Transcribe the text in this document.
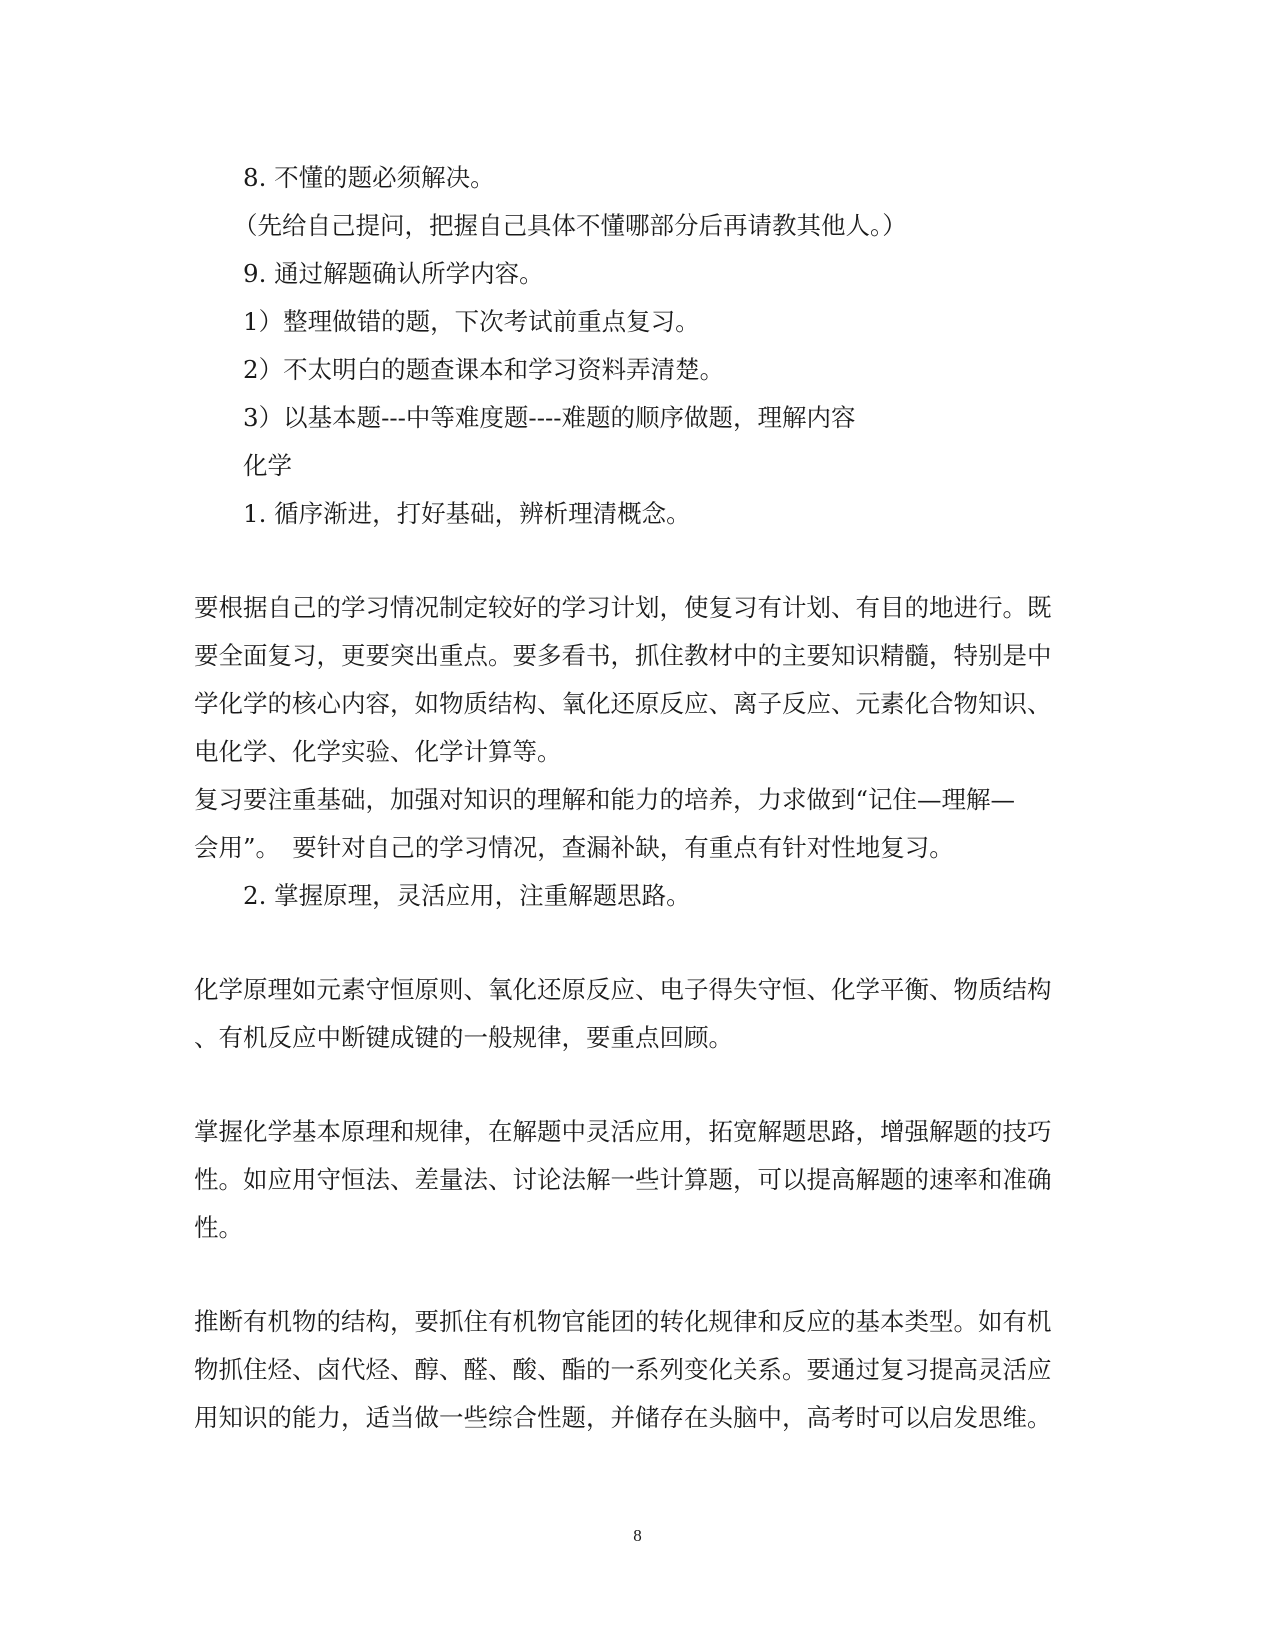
8. 不懂的题必须解决。
（先给自己提问，把握自己具体不懂哪部分后再请教其他人。）
9. 通过解题确认所学内容。
1）整理做错的题，下次考试前重点复习。
2）不太明白的题查课本和学习资料弄清楚。
3）以基本题---中等难度题----难题的顺序做题，理解内容
化学
1. 循序渐进，打好基础，辨析理清概念。
要根据自己的学习情况制定较好的学习计划，使复习有计划、有目的地进行。既
要全面复习，更要突出重点。要多看书，抓住教材中的主要知识精髓，特别是中
学化学的核心内容，如物质结构、氧化还原反应、离子反应、元素化合物知识、
电化学、化学实验、化学计算等。
复习要注重基础，加强对知识的理解和能力的培养，力求做到“记住—理解—
会用”。　要针对自己的学习情况，查漏补缺，有重点有针对性地复习。
2. 掌握原理，灵活应用，注重解题思路。
化学原理如元素守恒原则、氧化还原反应、电子得失守恒、化学平衡、物质结构
、有机反应中断键成键的一般规律，要重点回顾。
掌握化学基本原理和规律，在解题中灵活应用，拓宽解题思路，增强解题的技巧
性。如应用守恒法、差量法、讨论法解一些计算题，可以提高解题的速率和准确
性。
推断有机物的结构，要抓住有机物官能团的转化规律和反应的基本类型。如有机
物抓住烃、卤代烃、醇、醛、酸、酯的一系列变化关系。要通过复习提高灵活应
用知识的能力，适当做一些综合性题，并储存在头脑中，高考时可以启发思维。
8
